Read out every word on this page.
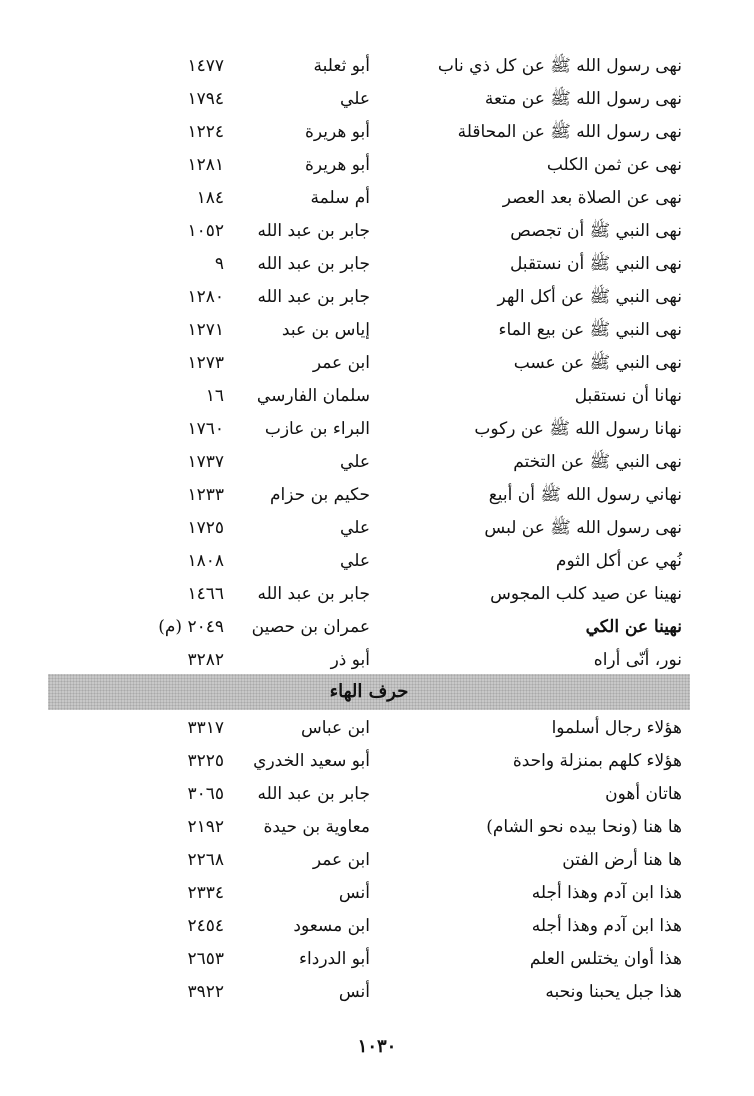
نهى رسول الله ﷺ عن كل ذي ناب
أبو ثعلبة
١٤٧٧
نهى رسول الله ﷺ عن متعة
علي
١٧٩٤
نهى رسول الله ﷺ عن المحاقلة
أبو هريرة
١٢٢٤
نهى عن ثمن الكلب
أبو هريرة
١٢٨١
نهى عن الصلاة بعد العصر
أم سلمة
١٨٤
نهى النبي ﷺ أن تجصص
جابر بن عبد الله
١٠٥٢
نهى النبي ﷺ أن نستقبل
جابر بن عبد الله
٩
نهى النبي ﷺ عن أكل الهر
جابر بن عبد الله
١٢٨٠
نهى النبي ﷺ عن بيع الماء
إياس بن عبد
١٢٧١
نهى النبي ﷺ عن عسب
ابن عمر
١٢٧٣
نهانا أن نستقبل
سلمان الفارسي
١٦
نهانا رسول الله ﷺ عن ركوب
البراء بن عازب
١٧٦٠
نهى النبي ﷺ عن التختم
علي
١٧٣٧
نهاني رسول الله ﷺ أن أبيع
حكيم بن حزام
١٢٣٣
نهى رسول الله ﷺ عن لبس
علي
١٧٢٥
نُهي عن أكل الثوم
علي
١٨٠٨
نهينا عن صيد كلب المجوس
جابر بن عبد الله
١٤٦٦
نهينا عن الكي
عمران بن حصين
٢٠٤٩ (م)
نور، أنّى أراه
أبو ذر
٣٢٨٢
حرف الهاء
هؤلاء رجال أسلموا
ابن عباس
٣٣١٧
هؤلاء كلهم بمنزلة واحدة
أبو سعيد الخدري
٣٢٢٥
هاتان أهون
جابر بن عبد الله
٣٠٦٥
ها هنا (ونحا بيده نحو الشام)
معاوية بن حيدة
٢١٩٢
ها هنا أرض الفتن
ابن عمر
٢٢٦٨
هذا ابن آدم وهذا أجله
أنس
٢٣٣٤
هذا ابن آدم وهذا أجله
ابن مسعود
٢٤٥٤
هذا أوان يختلس العلم
أبو الدرداء
٢٦٥٣
هذا جبل يحبنا ونحبه
أنس
٣٩٢٢
١٠٣٠
